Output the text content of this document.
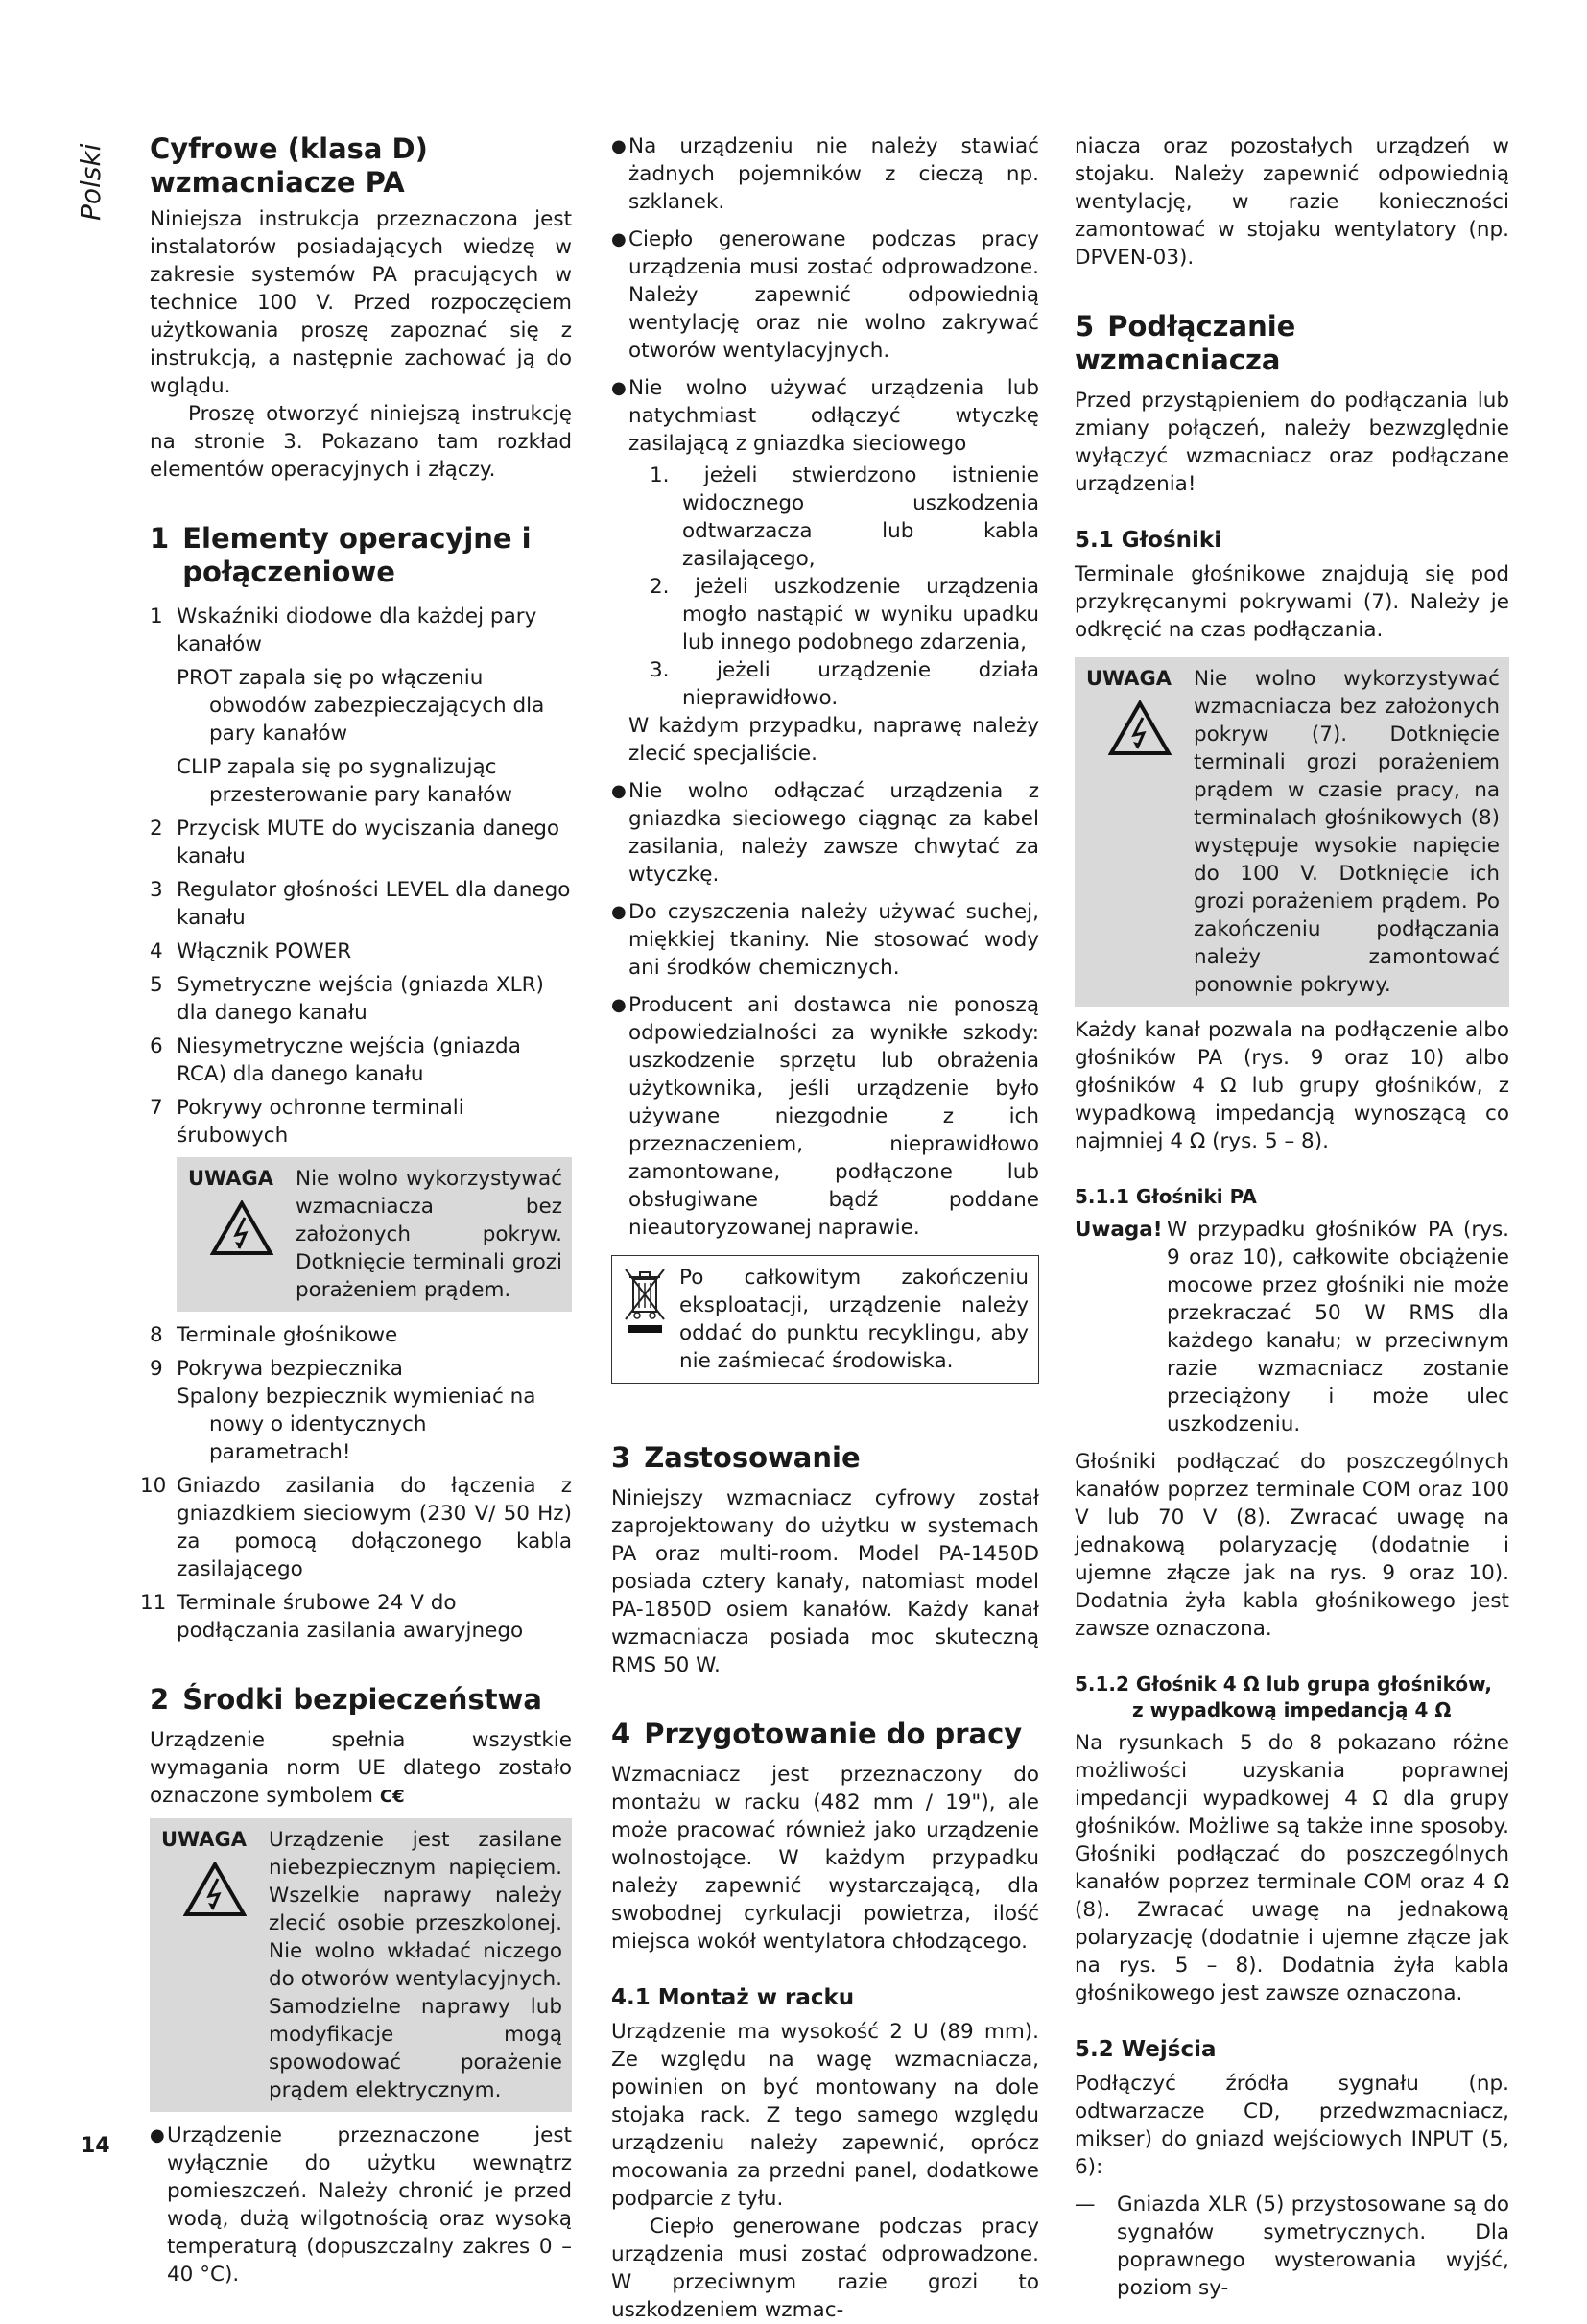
Polski Cyfrowe (klasa D)
wzmacniacze PA

Niniejsza instrukcja przeznaczona jest instalatorów posiadających wiedzę w zakresie systemów PA pracujących w technice 100 V. Przed rozpoczęciem użytkowania proszę zapoznać się z instrukcją, a następnie zachować ją do wglądu.

Proszę otworzyć niniejszą instrukcję na stronie 3. Pokazano tam rozkład elementów operacyjnych i złączy.

1 Elementy operacyjne i połączeniowe
1 Wskaźniki diodowe dla każdej pary kanałów
PROT zapala się po włączeniu obwodów zabezpieczających dla pary kanałów
CLIP zapala się po sygnalizując przesterowanie pary kanałów
2 Przycisk MUTE do wyciszania danego kanału
3 Regulator głośności LEVEL dla danego kanału
4 Włącznik POWER
5 Symetryczne wejścia (gniazda XLR) dla danego kanału
6 Niesymetryczne wejścia (gniazda RCA) dla danego kanału
7 Pokrywy ochronne terminali śrubowych
UWAGA Nie wolno wykorzystywać wzmacniacza bez założonych pokryw. Dotknięcie terminali grozi porażeniem prądem.

8 Terminale głośnikowe
9 Pokrywa bezpiecznika
Spalony bezpiecznik wymieniać na nowy o identycznych parametrach!
10 Gniazdo zasilania do łączenia z gniazdkiem sieciowym (230 V/ 50 Hz) za pomocą dołączonego kabla zasilającego

11 Terminale śrubowe 24 V do podłączania zasilania awaryjnego
2 Środki bezpieczeństwa

Urządzenie spełnia wszystkie wymagania norm UE dlatego zostało oznaczone symbolem C€

UWAGA Urządzenie jest zasilane niebezpiecznym napięciem. Wszelkie naprawy należy zlecić osobie przeszkolonej. Nie wolno wkładać niczego do otworów wentylacyjnych. Samodzielne naprawy lub modyfikacje mogą spowodować porażenie prądem elektrycznym.

● Urządzenie przeznaczone jest wyłącznie do użytku wewnątrz pomieszczeń. Należy chronić je przed wodą, dużą wilgotnością oraz wysoką temperaturą (dopuszczalny zakres 0 – 40 °C).

● Na urządzeniu nie należy stawiać żadnych pojemników z cieczą np. szklanek.

● Ciepło generowane podczas pracy urządzenia musi zostać odprowadzone. Należy zapewnić odpowiednią wentylację oraz nie wolno zakrywać otworów wentylacyjnych.

● Nie wolno używać urządzenia lub natychmiast odłączyć wtyczkę zasilającą z gniazdka sieciowego

1. jeżeli stwierdzono istnienie widocznego uszkodzenia odtwarzacza lub kabla zasilającego,

2. jeżeli uszkodzenie urządzenia mogło nastąpić w wyniku upadku lub innego podobnego zdarzenia,

3. jeżeli urządzenie działa nieprawidłowo.

W każdym przypadku, naprawę należy zlecić specjaliście.

● Nie wolno odłączać urządzenia z gniazdka sieciowego ciągnąc za kabel zasilania, należy zawsze chwytać za wtyczkę.

● Do czyszczenia należy używać suchej, miękkiej tkaniny. Nie stosować wody ani środków chemicznych.

● Producent ani dostawca nie ponoszą odpowiedzialności za wynikłe szkody: uszkodzenie sprzętu lub obrażenia użytkownika, jeśli urządzenie było używane niezgodnie z ich przeznaczeniem, nieprawidłowo zamontowane, podłączone lub obsługiwane bądź poddane nieautoryzowanej naprawie.

Po całkowitym zakończeniu eksploatacji, urządzenie należy oddać do punktu recyklingu, aby nie zaśmiecać środowiska.

3 Zastosowanie

Niniejszy wzmacniacz cyfrowy został zaprojektowany do użytku w systemach PA oraz multi-room. Model PA-1450D posiada cztery kanały, natomiast model PA-1850D osiem kanałów. Każdy kanał wzmacniacza posiada moc skuteczną RMS 50 W.

4 Przygotowanie do pracy

Wzmacniacz jest przeznaczony do montażu w racku (482 mm / 19"), ale może pracować również jako urządzenie wolnostojące. W każdym przypadku należy zapewnić wystarczającą, dla swobodnej cyrkulacji powietrza, ilość miejsca wokół wentylatora chłodzącego.

4.1 Montaż w racku

Urządzenie ma wysokość 2 U (89 mm). Ze względu na wagę wzmacniacza, powinien on być montowany na dole stojaka rack. Z tego samego względu urządzeniu należy zapewnić, oprócz mocowania za przedni panel, dodatkowe podparcie z tyłu.

Ciepło generowane podczas pracy urządzenia musi zostać odprowadzone. W przeciwnym razie grozi to uszkodzeniem wzmac-

niacza oraz pozostałych urządzeń w stojaku. Należy zapewnić odpowiednią wentylację, w razie konieczności zamontować w stojaku wentylatory (np. DPVEN-03).

5 Podłączanie wzmacniacza

Przed przystąpieniem do podłączania lub zmiany połączeń, należy bezwzględnie wyłączyć wzmacniacz oraz podłączane urządzenia!

5.1 Głośniki

Terminale głośnikowe znajdują się pod przykręcanymi pokrywami (7). Należy je odkręcić na czas podłączania.

UWAGA Nie wolno wykorzystywać wzmacniacza bez założonych pokryw (7). Dotknięcie terminali grozi porażeniem prądem w czasie pracy, na terminalach głośnikowych (8) występuje wysokie napięcie do 100 V. Dotknięcie ich grozi porażeniem prądem. Po zakończeniu podłączania należy zamontować ponownie pokrywy.

Każdy kanał pozwala na podłączenie albo głośników PA (rys. 9 oraz 10) albo głośników 4 Ω lub grupy głośników, z wypadkową impedancją wynoszącą co najmniej 4 Ω (rys. 5 – 8).

5.1.1 Głośniki PA
Uwaga! W przypadku głośników PA (rys. 9 oraz 10), całkowite obciążenie mocowe przez głośniki nie może przekraczać 50 W RMS dla każdego kanału; w przeciwnym razie wzmacniacz zostanie przeciążony i może ulec uszkodzeniu.

Głośniki podłączać do poszczególnych kanałów poprzez terminale COM oraz 100 V lub 70 V (8). Zwracać uwagę na jednakową polaryzację (dodatnie i ujemne złącze jak na rys. 9 oraz 10). Dodatnia żyła kabla głośnikowego jest zawsze oznaczona.

5.1.2 Głośnik 4 Ω lub grupa głośników,
z wypadkową impedancją 4 Ω

Na rysunkach 5 do 8 pokazano różne możliwości uzyskania poprawnej impedancji wypadkowej 4 Ω dla grupy głośników. Możliwe są także inne sposoby. Głośniki podłączać do poszczególnych kanałów poprzez terminale COM oraz 4 Ω (8). Zwracać uwagę na jednakową polaryzację (dodatnie i ujemne złącze jak na rys. 5 – 8). Dodatnia żyła kabla głośnikowego jest zawsze oznaczona.

5.2 Wejścia

Podłączyć źródła sygnału (np. odtwarzacze CD, przedwzmacniacz, mikser) do gniazd wejściowych INPUT (5, 6):

—	Gniazda XLR (5) przystosowane są do sygnałów symetrycznych. Dla poprawnego wysterowania wyjść, poziom sy-

14
